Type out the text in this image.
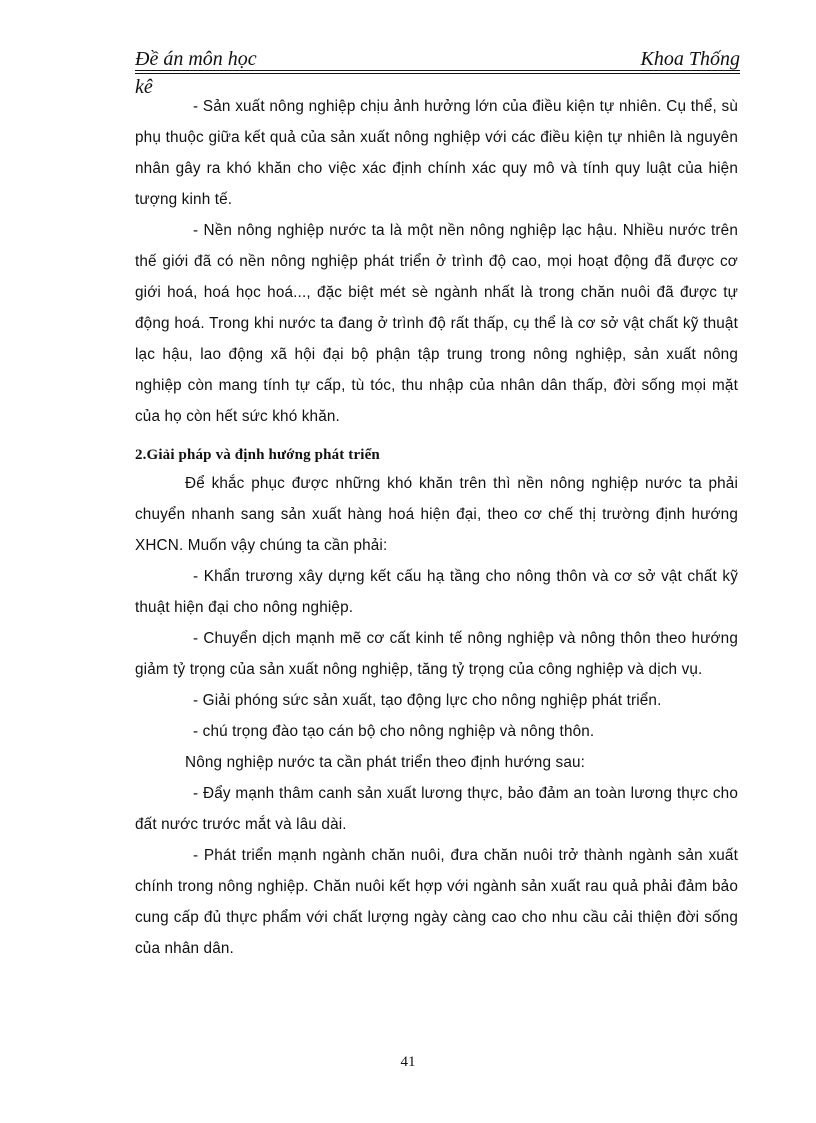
Đề án môn học	Khoa Thống
kê

- Sản xuất nông nghiệp chịu ảnh hưởng lớn của điều kiện tự nhiên. Cụ thể, sù phụ thuộc giữa kết quả của sản xuất nông nghiệp với các điều kiện tự nhiên là nguyên nhân gây ra khó khăn cho việc xác định chính xác quy mô và tính quy luật của hiện tượng kinh tế.

- Nền nông nghiệp nước ta là một nền nông nghiệp lạc hậu. Nhiều nước trên thế giới đã có nền nông nghiệp phát triển ở trình độ cao, mọi hoạt động đã được cơ giới hoá, hoá học hoá..., đặc biệt mét sè ngành nhất là trong chăn nuôi đã được tự động hoá. Trong khi nước ta đang ở trình độ rất thấp, cụ thể là cơ sở vật chất kỹ thuật lạc hậu, lao động xã hội đại bộ phận tập trung trong nông nghiệp, sản xuất nông nghiệp còn mang tính tự cấp, tù tóc, thu nhập của nhân dân thấp, đời sống mọi mặt của họ còn hết sức khó khăn.

2.Giải pháp và định hướng phát triển

Để khắc phục được những khó khăn trên thì nền nông nghiệp nước ta phải chuyển nhanh sang sản xuất hàng hoá hiện đại, theo cơ chế thị trường định hướng XHCN. Muốn vậy chúng ta cần phải:

- Khẩn trương xây dựng kết cấu hạ tầng cho nông thôn và cơ sở vật chất kỹ thuật hiện đại cho nông nghiệp.

- Chuyển dịch mạnh mẽ cơ cất kinh tế nông nghiệp và nông thôn theo hướng giảm tỷ trọng của sản xuất nông nghiệp, tăng tỷ trọng của công nghiệp và dịch vụ.

- Giải phóng sức sản xuất, tạo động lực cho nông nghiệp phát triển.

- chú trọng đào tạo cán bộ cho nông nghiệp và nông thôn.

Nông nghiệp nước ta cần phát triển theo định hướng sau:

- Đẩy mạnh thâm canh sản xuất lương thực, bảo đảm an toàn lương thực cho đất nước trước mắt và lâu dài.

- Phát triển mạnh ngành chăn nuôi, đưa chăn nuôi trở thành ngành sản xuất chính trong nông nghiệp. Chăn nuôi kết hợp với ngành sản xuất rau quả phải đảm bảo cung cấp đủ thực phẩm với chất lượng ngày càng cao cho nhu cầu cải thiện đời sống của nhân dân.

41
